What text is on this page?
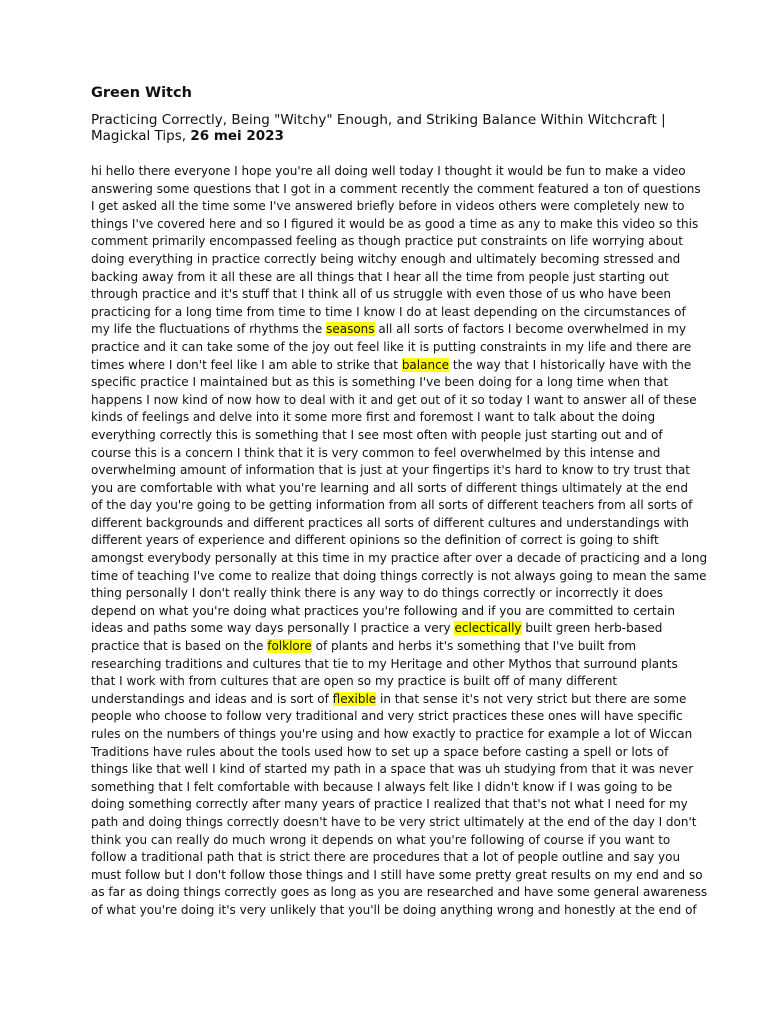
Green Witch
Practicing Correctly, Being "Witchy" Enough, and Striking Balance Within Witchcraft | Magickal Tips, 26 mei 2023
hi hello there everyone I hope you're all doing well today I thought it would be fun to make a video
answering some questions that I got in a comment recently the comment featured a ton of questions
I get asked all the time some I've answered briefly before in videos others were completely new to
things I've covered here and so I figured it would be as good a time as any to make this video so this
comment primarily encompassed feeling as though practice put constraints on life worrying about
doing everything in practice correctly being witchy enough and ultimately becoming stressed and
backing away from it all these are all things that I hear all the time from people just starting out
through practice and it's stuff that I think all of us struggle with even those of us who have been
practicing for a long time from time to time I know I do at least depending on the circumstances of
my life the fluctuations of rhythms the seasons all all sorts of factors I become overwhelmed in my
practice and it can take some of the joy out feel like it is putting constraints in my life and there are
times where I don't feel like I am able to strike that balance the way that I historically have with the
specific practice I maintained but as this is something I've been doing for a long time when that
happens I now kind of now how to deal with it and get out of it so today I want to answer all of these
kinds of feelings and delve into it some more first and foremost I want to talk about the doing
everything correctly this is something that I see most often with people just starting out and of
course this is a concern I think that it is very common to feel overwhelmed by this intense and
overwhelming amount of information that is just at your fingertips it's hard to know to try trust that
you are comfortable with what you're learning and all sorts of different things ultimately at the end
of the day you're going to be getting information from all sorts of different teachers from all sorts of
different backgrounds and different practices all sorts of different cultures and understandings with
different years of experience and different opinions so the definition of correct is going to shift
amongst everybody personally at this time in my practice after over a decade of practicing and a long
time of teaching I've come to realize that doing things correctly is not always going to mean the same
thing personally I don't really think there is any way to do things correctly or incorrectly it does
depend on what you're doing what practices you're following and if you are committed to certain
ideas and paths some way days personally I practice a very eclectically built green herb-based
practice that is based on the folklore of plants and herbs it's something that I've built from
researching traditions and cultures that tie to my Heritage and other Mythos that surround plants
that I work with from cultures that are open so my practice is built off of many different
understandings and ideas and is sort of flexible in that sense it's not very strict but there are some
people who choose to follow very traditional and very strict practices these ones will have specific
rules on the numbers of things you're using and how exactly to practice for example a lot of Wiccan
Traditions have rules about the tools used how to set up a space before casting a spell or lots of
things like that well I kind of started my path in a space that was uh studying from that it was never
something that I felt comfortable with because I always felt like I didn't know if I was going to be
doing something correctly after many years of practice I realized that that's not what I need for my
path and doing things correctly doesn't have to be very strict ultimately at the end of the day I don't
think you can really do much wrong it depends on what you're following of course if you want to
follow a traditional path that is strict there are procedures that a lot of people outline and say you
must follow but I don't follow those things and I still have some pretty great results on my end and so
as far as doing things correctly goes as long as you are researched and have some general awareness
of what you're doing it's very unlikely that you'll be doing anything wrong and honestly at the end of
